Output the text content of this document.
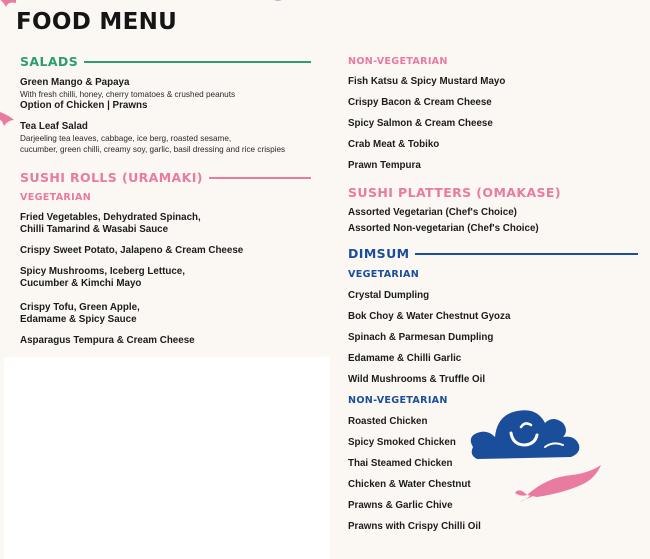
FOOD MENU
SALADS
Green Mango & Papaya
With fresh chilli, honey, cherry tomatoes & crushed peanuts
Option of Chicken | Prawns
Tea Leaf Salad
Darjeeling tea leaves, cabbage, ice berg, roasted sesame,
cucumber, green chilli, creamy soy, garlic, basil dressing and rice crispies
SUSHI ROLLS (URAMAKI)
VEGETARIAN
Fried Vegetables, Dehydrated Spinach,
Chilli Tamarind & Wasabi Sauce
Crispy Sweet Potato, Jalapeno & Cream Cheese
Spicy Mushrooms, Iceberg Lettuce,
Cucumber & Kimchi Mayo
Crispy Tofu, Green Apple,
Edamame & Spicy Sauce
Asparagus Tempura & Cream Cheese
NON-VEGETARIAN
Fish Katsu & Spicy Mustard Mayo
Crispy Bacon & Cream Cheese
Spicy Salmon & Cream Cheese
Crab Meat & Tobiko
Prawn Tempura
SUSHI PLATTERS (OMAKASE)
Assorted Vegetarian (Chef's Choice)
Assorted Non-vegetarian (Chef's Choice)
DIMSUM
VEGETARIAN
Crystal Dumpling
Bok Choy & Water Chestnut Gyoza
Spinach & Parmesan Dumpling
Edamame & Chilli Garlic
Wild Mushrooms & Truffle Oil
NON-VEGETARIAN
Roasted Chicken
Spicy Smoked Chicken
Thai Steamed Chicken
Chicken & Water Chestnut
Prawns & Garlic Chive
Prawns with Crispy Chilli Oil
